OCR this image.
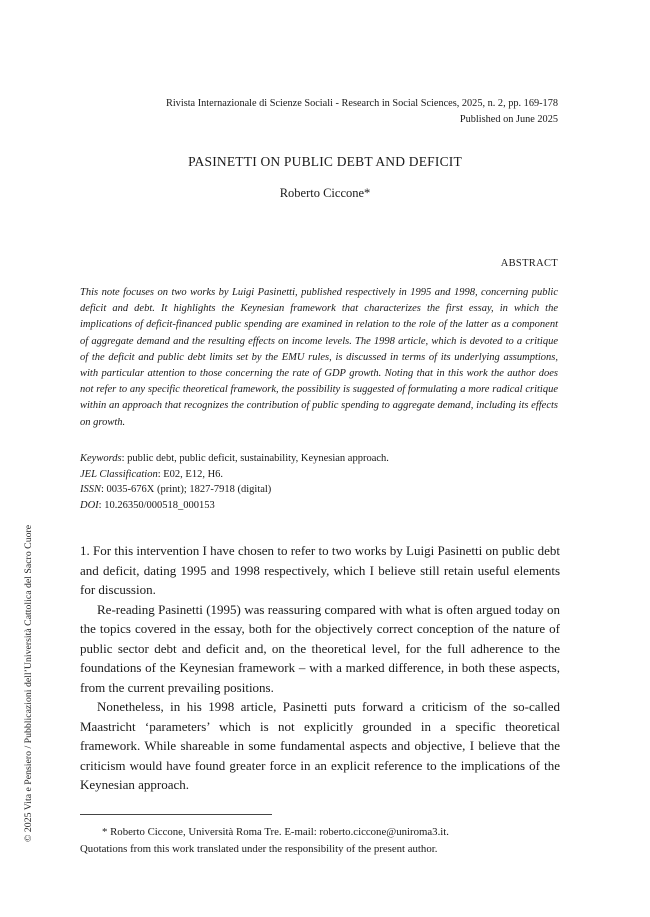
Rivista Internazionale di Scienze Sociali - Research in Social Sciences, 2025, n. 2, pp. 169-178
Published on June 2025
PASINETTI ON PUBLIC DEBT AND DEFICIT
Roberto Ciccone*
ABSTRACT

This note focuses on two works by Luigi Pasinetti, published respectively in 1995 and 1998, concerning public deficit and debt. It highlights the Keynesian framework that characterizes the first essay, in which the implications of deficit-financed public spending are examined in relation to the role of the latter as a component of aggregate demand and the resulting effects on income levels. The 1998 article, which is devoted to a critique of the deficit and public debt limits set by the EMU rules, is discussed in terms of its underlying assumptions, with particular attention to those concerning the rate of GDP growth. Noting that in this work the author does not refer to any specific theoretical framework, the possibility is suggested of formulating a more radical critique within an approach that recognizes the contribution of public spending to aggregate demand, including its effects on growth.

Keywords: public debt, public deficit, sustainability, Keynesian approach.
JEL Classification: E02, E12, H6.
ISSN: 0035-676X (print); 1827-7918 (digital)
DOI: 10.26350/000518_000153

1. For this intervention I have chosen to refer to two works by Luigi Pasinetti on public debt and deficit, dating 1995 and 1998 respectively, which I believe still retain useful elements for discussion.

Re-reading Pasinetti (1995) was reassuring compared with what is often argued today on the topics covered in the essay, both for the objectively correct conception of the nature of public sector debt and deficit and, on the theoretical level, for the full adherence to the foundations of the Keynesian framework – with a marked difference, in both these aspects, from the current prevailing positions.

Nonetheless, in his 1998 article, Pasinetti puts forward a criticism of the so-called Maastricht ‘parameters’ which is not explicitly grounded in a specific theoretical framework. While shareable in some fundamental aspects and objective, I believe that the criticism would have found greater force in an explicit reference to the implications of the Keynesian approach.

* Roberto Ciccone, Università Roma Tre. E-mail: roberto.ciccone@uniroma3.it.
Quotations from this work translated under the responsibility of the present author.
© 2025 Vita e Pensiero / Pubblicazioni dell’Università Cattolica del Sacro Cuore
